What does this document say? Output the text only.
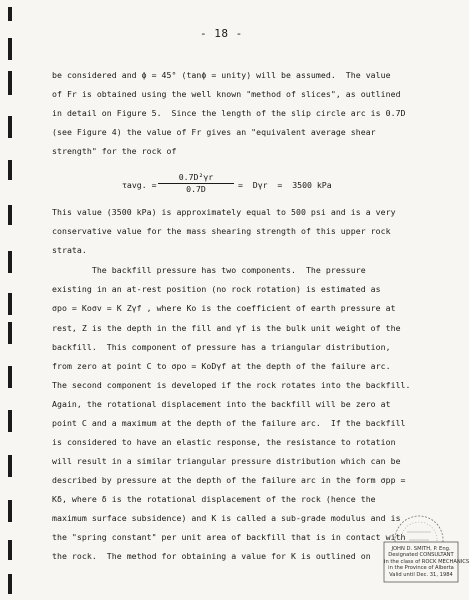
- 18 -
be considered and ϕ = 45° (tanϕ = unity) will be assumed.  The value
of Fr is obtained using the well known "method of slices", as outlined
in detail on Figure 5.  Since the length of the slip circle arc is 0.7D
(see Figure 4) the value of Fr gives an "equivalent average shear
strength" for the rock of
τavg. = $\frac{\text{0.7D²γr}}{0.7D} = D\gamma r = 3500$ kPa
This value (3500 kPa) is approximately equal to 500 psi and is a very
conservative value for the mass shearing strength of this upper rock
strata.
The backfill pressure has two components.  The pressure
existing in an at-rest position (no rock rotation) is estimated as
σpo = Koσv = K Zγf , where Ko is the coefficient of earth pressure at
rest, Z is the depth in the fill and γf is the bulk unit weight of the
backfill.  This component of pressure has a triangular distribution,
from zero at point C to σpo = KoDγf at the depth of the failure arc.
The second component is developed if the rock rotates into the backfill.
Again, the rotational displacement into the backfill will be zero at
point C and a maximum at the depth of the failure arc.  If the backfill
is considered to have an elastic response, the resistance to rotation
will result in a similar triangular pressure distribution which can be
described by pressure at the depth of the failure arc in the form σpp =
Kδ, where δ is the rotational displacement of the rock (hence the
maximum surface subsidence) and K is called a sub-grade modulus and is
the "spring constant" per unit area of backfill that is in contact with
the rock.  The method for obtaining a value for K is outlined on
JOHN D. SMITH, P. Eng.
Designated CONSULTANT
in the class of ROCK MECHANICS
in the Province of Alberta
Valid until Dec. 31, 1984
